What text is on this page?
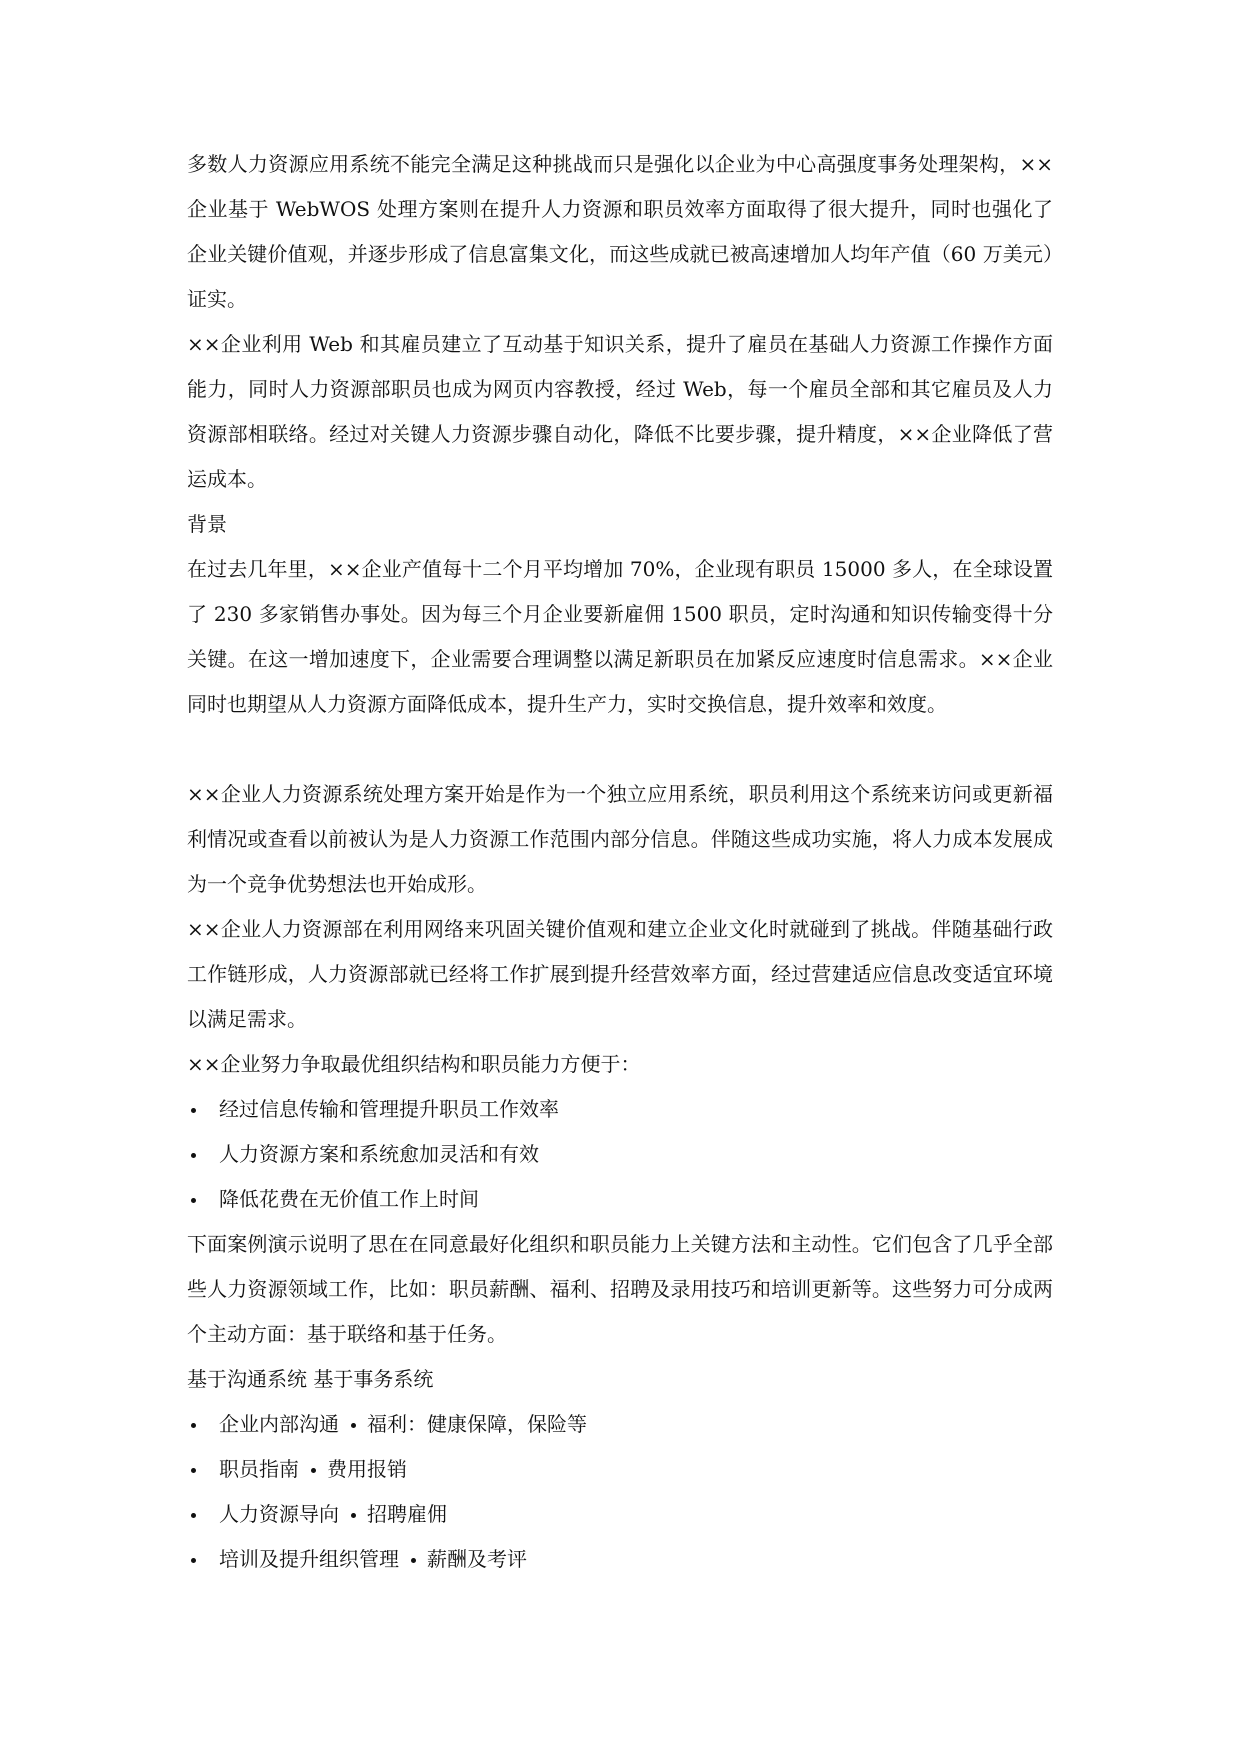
多数人力资源应用系统不能完全满足这种挑战而只是强化以企业为中心高强度事务处理架构，××企业基于 WebWOS 处理方案则在提升人力资源和职员效率方面取得了很大提升，同时也强化了企业关键价值观，并逐步形成了信息富集文化，而这些成就已被高速增加人均年产值（60 万美元）证实。

××企业利用 Web 和其雇员建立了互动基于知识关系，提升了雇员在基础人力资源工作操作方面能力，同时人力资源部职员也成为网页内容教授，经过 Web，每一个雇员全部和其它雇员及人力资源部相联络。经过对关键人力资源步骤自动化，降低不比要步骤，提升精度，××企业降低了营运成本。

背景

在过去几年里，××企业产值每十二个月平均增加 70%，企业现有职员 15000 多人，在全球设置了 230 多家销售办事处。因为每三个月企业要新雇佣 1500 职员，定时沟通和知识传输变得十分关键。在这一增加速度下，企业需要合理调整以满足新职员在加紧反应速度时信息需求。××企业同时也期望从人力资源方面降低成本，提升生产力，实时交换信息，提升效率和效度。

××企业人力资源系统处理方案开始是作为一个独立应用系统，职员利用这个系统来访问或更新福利情况或查看以前被认为是人力资源工作范围内部分信息。伴随这些成功实施，将人力成本发展成为一个竞争优势想法也开始成形。

××企业人力资源部在利用网络来巩固关键价值观和建立企业文化时就碰到了挑战。伴随基础行政工作链形成，人力资源部就已经将工作扩展到提升经营效率方面，经过营建适应信息改变适宜环境以满足需求。

××企业努力争取最优组织结构和职员能力方便于：

经过信息传输和管理提升职员工作效率
人力资源方案和系统愈加灵活和有效
降低花费在无价值工作上时间

下面案例演示说明了思在在同意最好化组织和职员能力上关键方法和主动性。它们包含了几乎全部些人力资源领域工作，比如：职员薪酬、福利、招聘及录用技巧和培训更新等。这些努力可分成两个主动方面：基于联络和基于任务。

基于沟通系统 基于事务系统

企业内部沟通 福利：健康保障，保险等
职员指南 费用报销
人力资源导向 招聘雇佣
培训及提升组织管理 薪酬及考评
